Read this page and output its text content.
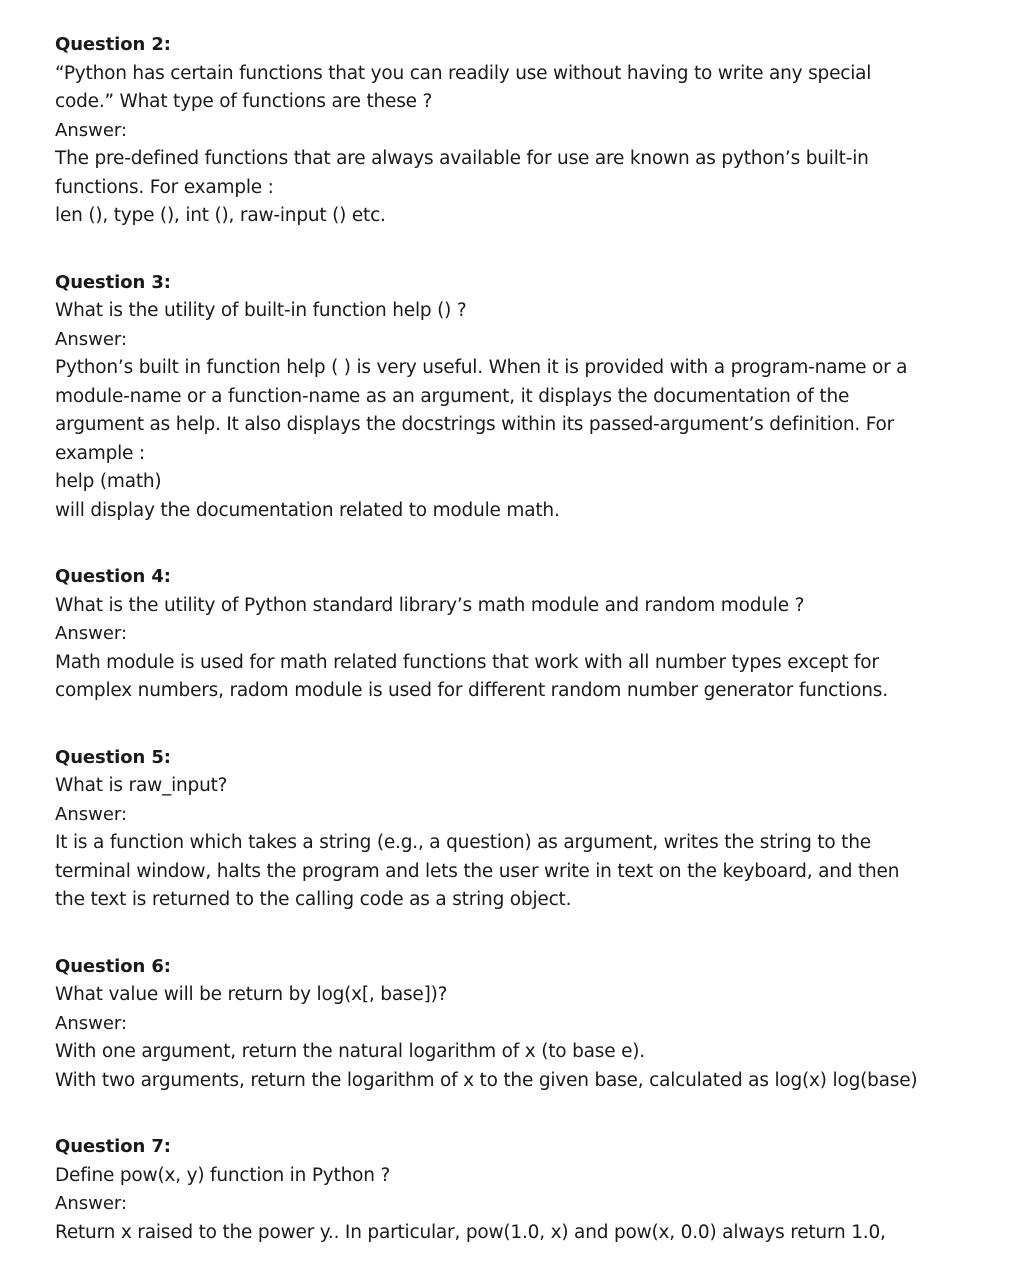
Question 2:
“Python has certain functions that you can readily use without having to write any special
code.” What type of functions are these ?
Answer:
The pre-defined functions that are always available for use are known as python’s built-in
functions. For example :
len (), type (), int (), raw-input () etc.
Question 3:
What is the utility of built-in function help () ?
Answer:
Python’s built in function help ( ) is very useful. When it is provided with a program-name or a
module-name or a function-name as an argument, it displays the documentation of the
argument as help. It also displays the docstrings within its passed-argument’s definition. For
example :
help (math)
will display the documentation related to module math.
Question 4:
What is the utility of Python standard library’s math module and random module ?
Answer:
Math module is used for math related functions that work with all number types except for
complex numbers, radom module is used for different random number generator functions.
Question 5:
What is raw_input?
Answer:
It is a function which takes a string (e.g., a question) as argument, writes the string to the
terminal window, halts the program and lets the user write in text on the keyboard, and then
the text is returned to the calling code as a string object.
Question 6:
What value will be return by log(x[, base])?
Answer:
With one argument, return the natural logarithm of x (to base e).
With two arguments, return the logarithm of x to the given base, calculated as log(x) log(base)
Question 7:
Define pow(x, y) function in Python ?
Answer:
Return x raised to the power y.. In particular, pow(1.0, x) and pow(x, 0.0) always return 1.0,
